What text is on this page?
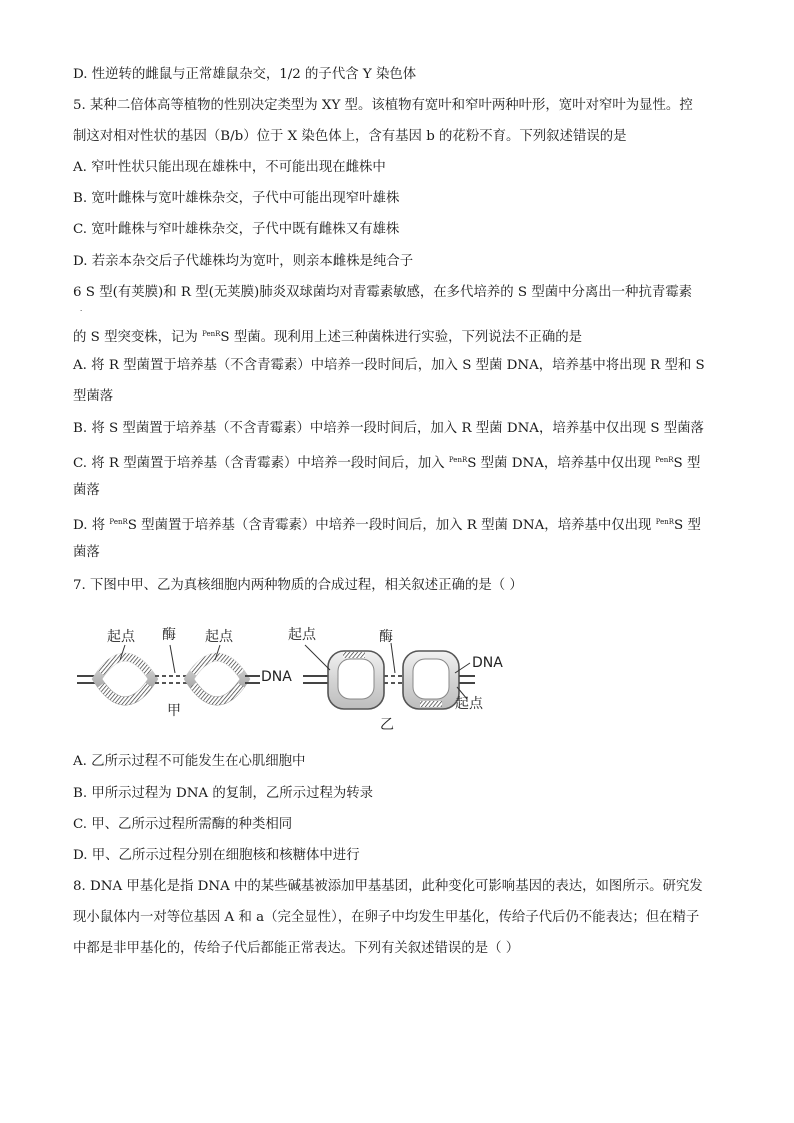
D. 性逆转的雌鼠与正常雄鼠杂交，1/2 的子代含 Y 染色体
5. 某种二倍体高等植物的性别决定类型为 XY 型。该植物有宽叶和窄叶两种叶形，宽叶对窄叶为显性。控
制这对相对性状的基因（B/b）位于 X 染色体上，含有基因 b 的花粉不育。下列叙述错误的是
A. 窄叶性状只能出现在雄株中，不可能出现在雌株中
B. 宽叶雌株与宽叶雄株杂交，子代中可能出现窄叶雄株
C. 宽叶雌株与窄叶雄株杂交，子代中既有雌株又有雄株
D. 若亲本杂交后子代雄株均为宽叶，则亲本雌株是纯合子
6 S 型(有荚膜)和 R 型(无荚膜)肺炎双球菌均对青霉素敏感，在多代培养的 S 型菌中分离出一种抗青霉素
·
的 S 型突变株，记为 $^{PenR}$S 型菌。现利用上述三种菌株进行实验，下列说法不正确的是
A. 将 R 型菌置于培养基（不含青霉素）中培养一段时间后，加入 S 型菌 DNA，培养基中将出现 R 型和 S
型菌落
B. 将 S 型菌置于培养基（不含青霉素）中培养一段时间后，加入 R 型菌 DNA，培养基中仅出现 S 型菌落
C. 将 R 型菌置于培养基（含青霉素）中培养一段时间后，加入 $^{PenR}$S 型菌 DNA，培养基中仅出现 $^{PenR}$S 型
菌落
D. 将 $^{PenR}$S 型菌置于培养基（含青霉素）中培养一段时间后，加入 R 型菌 DNA，培养基中仅出现 $^{PenR}$S 型
菌落
7. 下图中甲、乙为真核细胞内两种物质的合成过程，相关叙述正确的是（ ）
起点 酶 起点
DNA
甲
起点	酶
DNA
起点
乙
A. 乙所示过程不可能发生在心肌细胞中
B. 甲所示过程为 DNA 的复制，乙所示过程为转录
C. 甲、乙所示过程所需酶的种类相同
D. 甲、乙所示过程分别在细胞核和核糖体中进行
8. DNA 甲基化是指 DNA 中的某些碱基被添加甲基基团，此种变化可影响基因的表达，如图所示。研究发
现小鼠体内一对等位基因 A 和 a（完全显性），在卵子中均发生甲基化，传给子代后仍不能表达；但在精子
中都是非甲基化的，传给子代后都能正常表达。下列有关叙述错误的是（ ）
